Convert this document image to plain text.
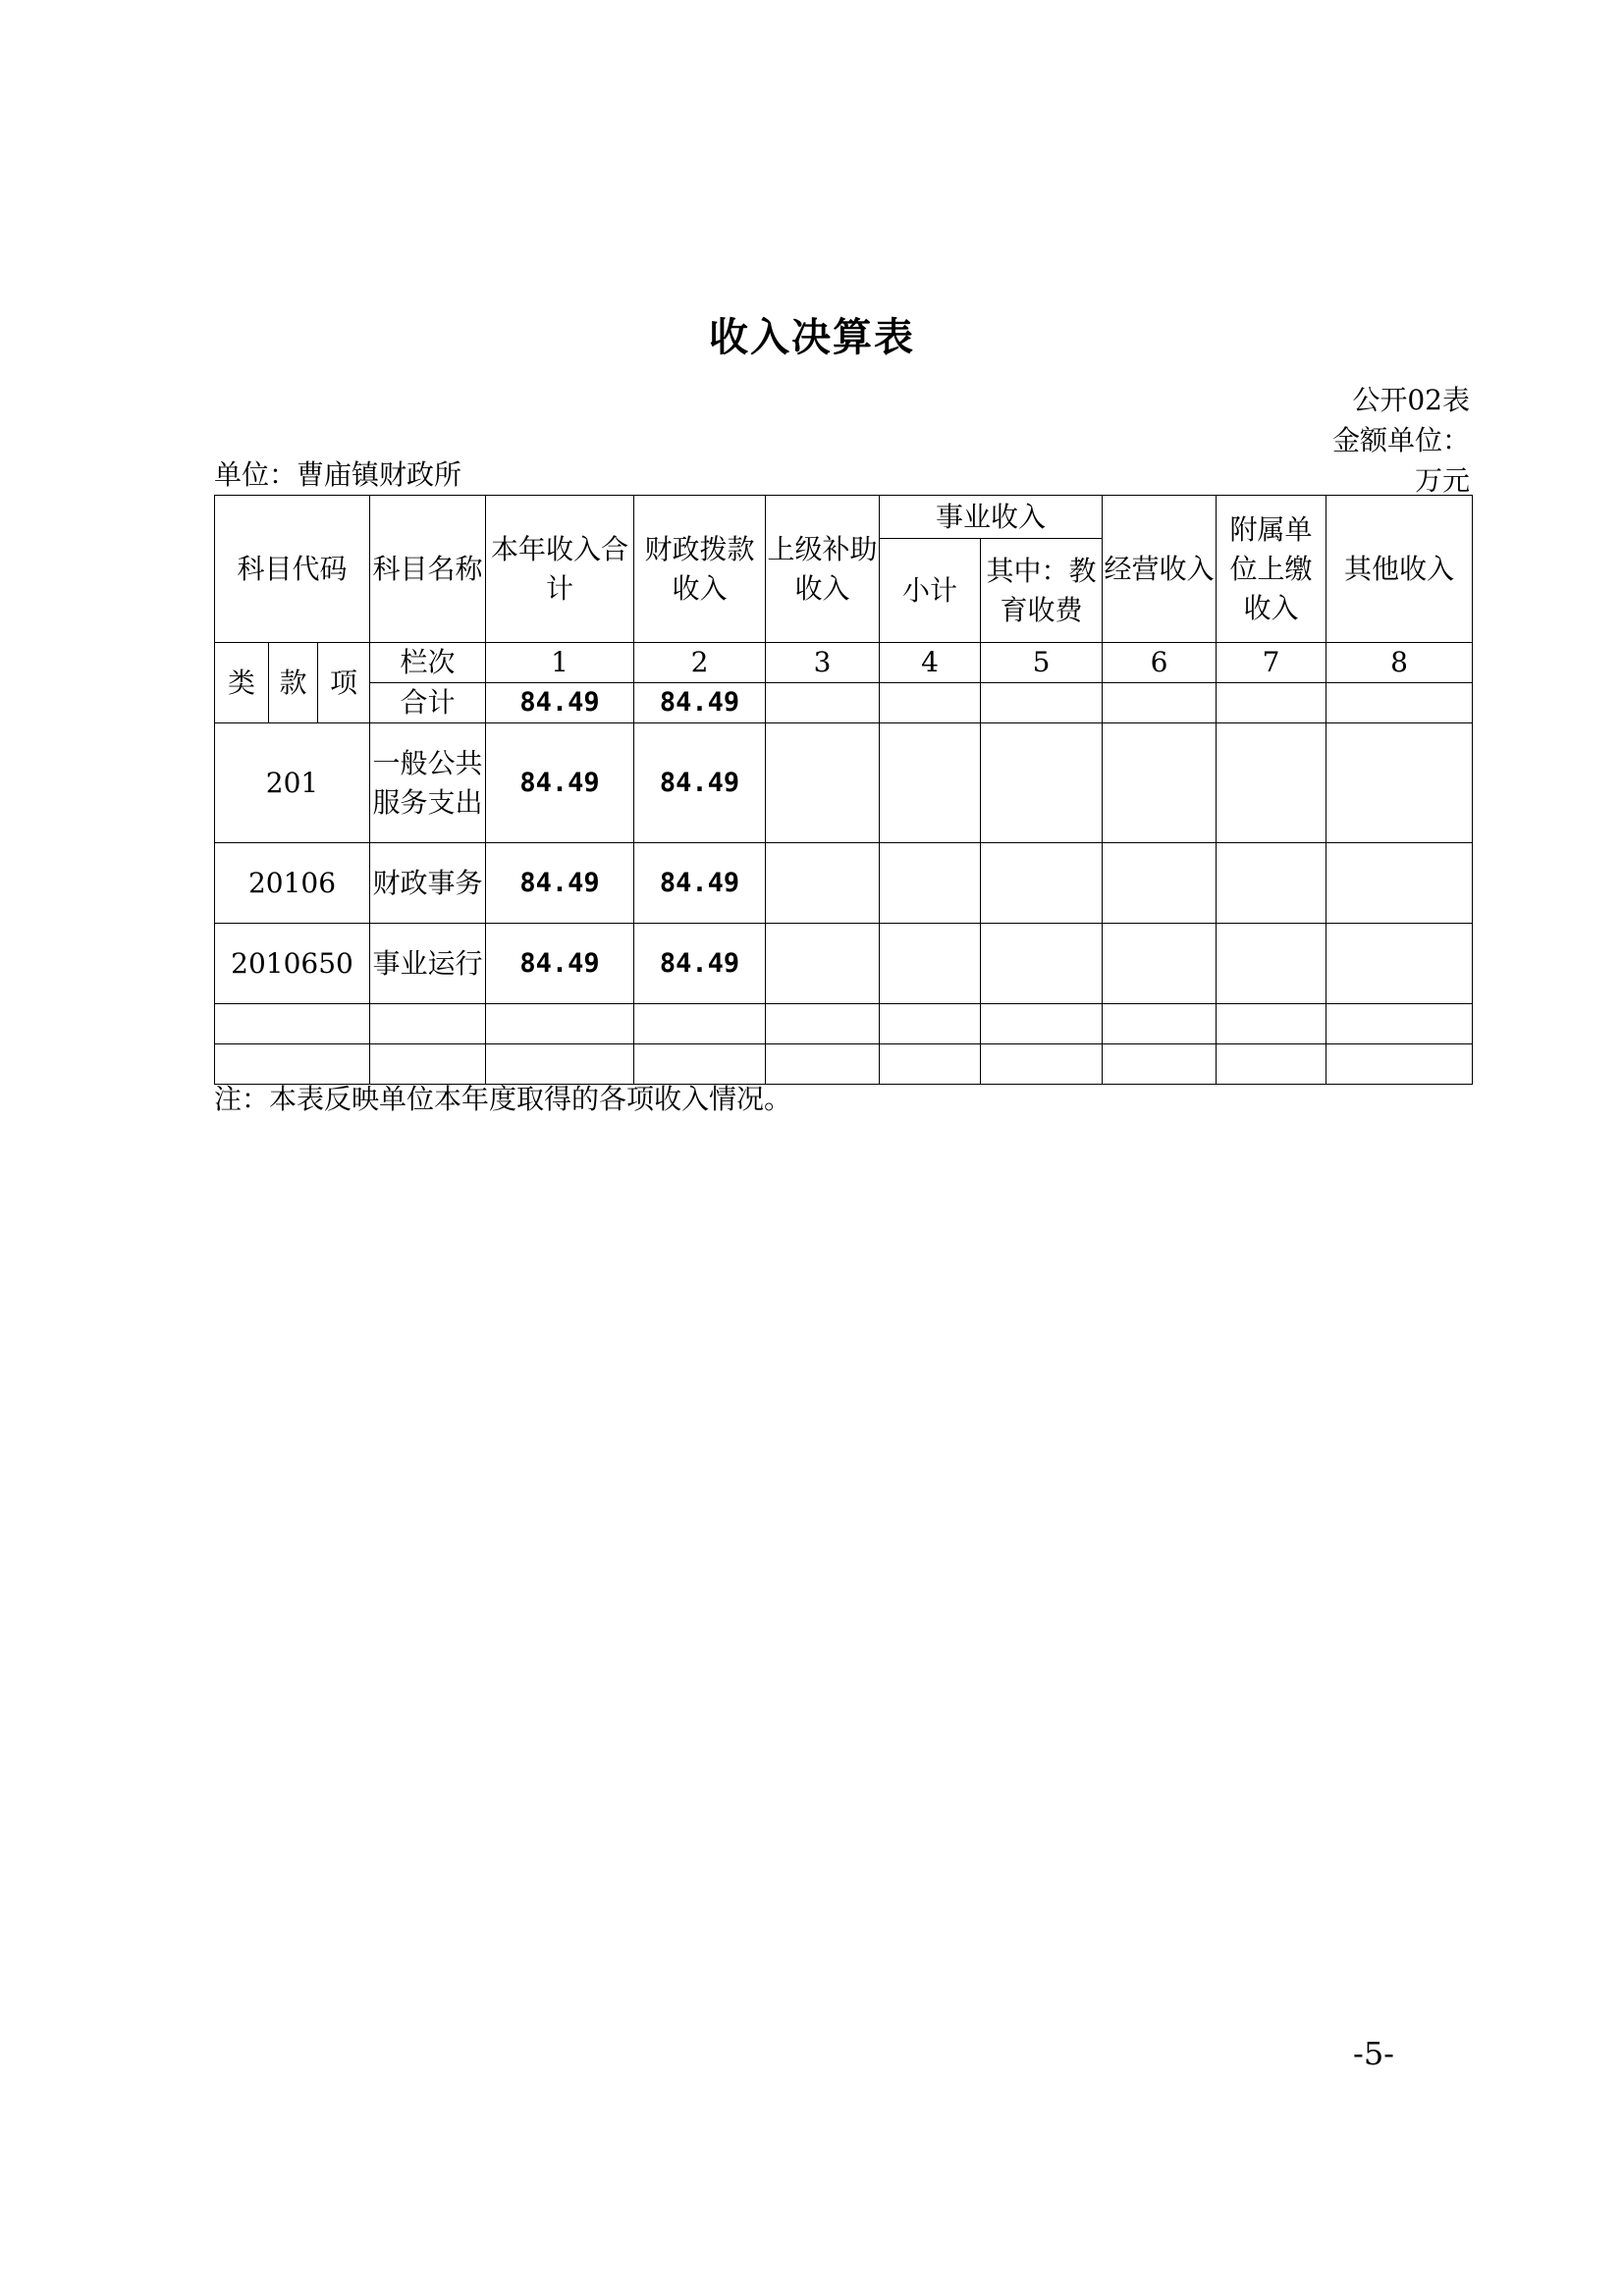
收入决算表
公开02表
金额单位：
万元
单位：曹庙镇财政所
科目代码			科目名称	本年收入合计	财政拨款收入	上级补助收入	事业收入		经营收入	附属单位上缴收入	其他收入
							小计	其中：教育收费			
类	款	项	栏次	1	2	3	4	5	6	7	8
			合计	84.49	84.49						
201			一般公共服务支出	84.49	84.49						
20106			财政事务	84.49	84.49						
2010650			事业运行	84.49	84.49						

注：本表反映单位本年度取得的各项收入情况。
-5-
